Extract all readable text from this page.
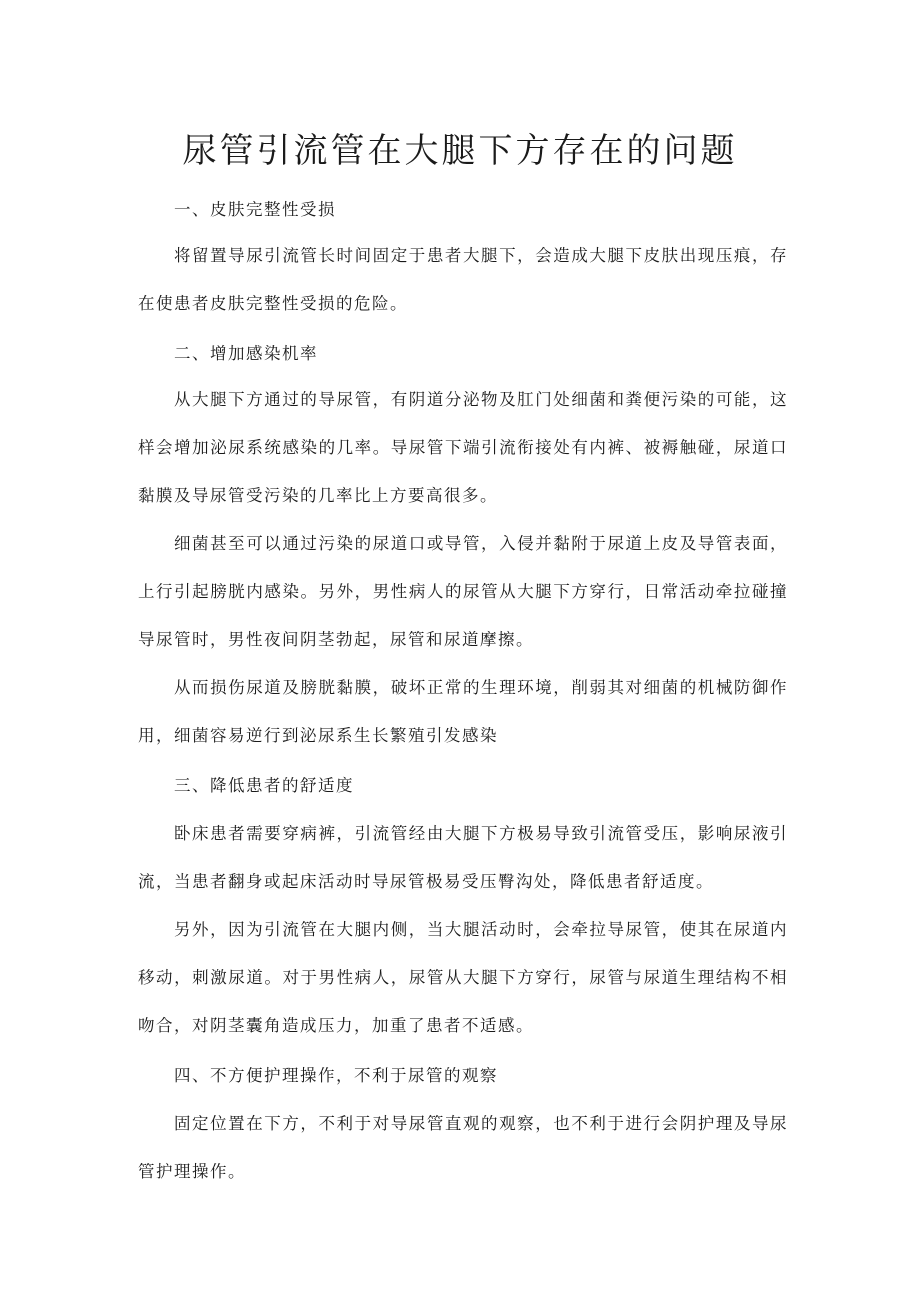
尿管引流管在大腿下方存在的问题

一、皮肤完整性受损

将留置导尿引流管长时间固定于患者大腿下，会造成大腿下皮肤出现压痕，存在使患者皮肤完整性受损的危险。

二、增加感染机率

从大腿下方通过的导尿管，有阴道分泌物及肛门处细菌和粪便污染的可能，这样会增加泌尿系统感染的几率。导尿管下端引流衔接处有内裤、被褥触碰，尿道口黏膜及导尿管受污染的几率比上方要高很多。

细菌甚至可以通过污染的尿道口或导管，入侵并黏附于尿道上皮及导管表面，上行引起膀胱内感染。另外，男性病人的尿管从大腿下方穿行，日常活动牵拉碰撞导尿管时，男性夜间阴茎勃起，尿管和尿道摩擦。

从而损伤尿道及膀胱黏膜，破坏正常的生理环境，削弱其对细菌的机械防御作用，细菌容易逆行到泌尿系生长繁殖引发感染

三、降低患者的舒适度

卧床患者需要穿病裤，引流管经由大腿下方极易导致引流管受压，影响尿液引流，当患者翻身或起床活动时导尿管极易受压臀沟处，降低患者舒适度。

另外，因为引流管在大腿内侧，当大腿活动时，会牵拉导尿管，使其在尿道内移动，刺激尿道。对于男性病人，尿管从大腿下方穿行，尿管与尿道生理结构不相吻合，对阴茎囊角造成压力，加重了患者不适感。

四、不方便护理操作，不利于尿管的观察

固定位置在下方，不利于对导尿管直观的观察，也不利于进行会阴护理及导尿管护理操作。
